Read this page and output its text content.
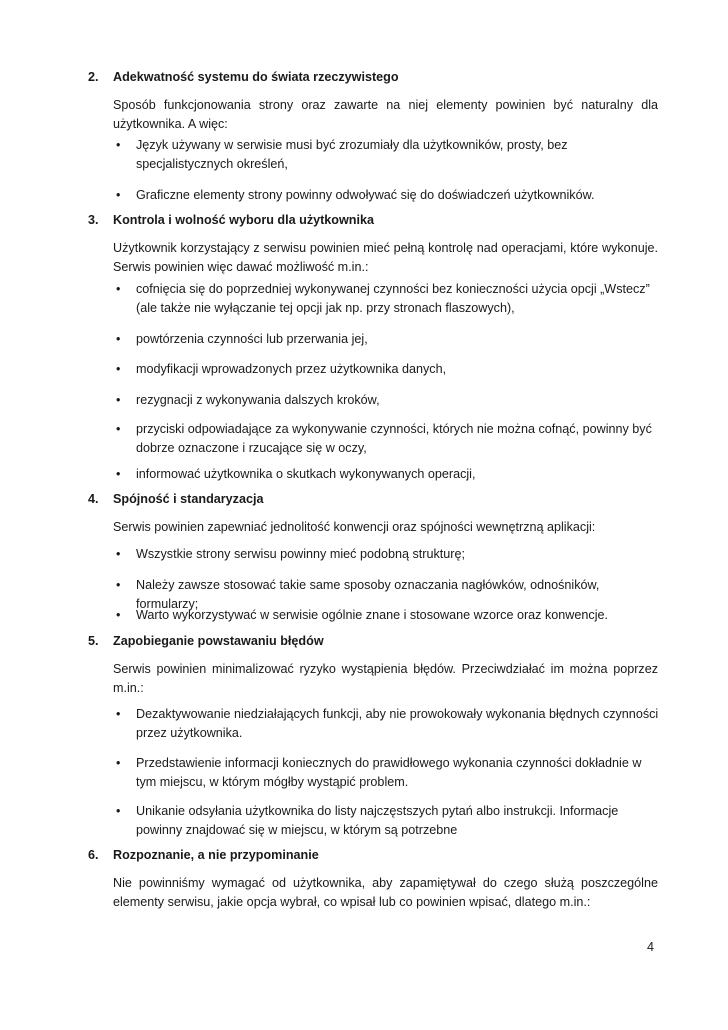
2. Adekwatność systemu do świata rzeczywistego

Sposób funkcjonowania strony oraz zawarte na niej elementy powinien być naturalny dla użytkownika. A więc:

• Język używany w serwisie musi być zrozumiały dla użytkowników, prosty, bez specjalistycznych określeń,
• Graficzne elementy strony powinny odwoływać się do doświadczeń użytkowników.
3. Kontrola i wolność wyboru dla użytkownika

Użytkownik korzystający z serwisu powinien mieć pełną kontrolę nad operacjami, które wykonuje. Serwis powinien więc dawać możliwość m.in.:

• cofnięcia się do poprzedniej wykonywanej czynności bez konieczności użycia opcji „Wstecz” (ale także nie wyłączanie tej opcji jak np. przy stronach flaszowych),
• powtórzenia czynności lub przerwania jej,
• modyfikacji wprowadzonych przez użytkownika danych,
• rezygnacji z wykonywania dalszych kroków,
• przyciski odpowiadające za wykonywanie czynności, których nie można cofnąć, powinny być dobrze oznaczone i rzucające się w oczy,
• informować użytkownika o skutkach wykonywanych operacji,
4. Spójność i standaryzacja

Serwis powinien zapewniać jednolitość konwencji oraz spójności wewnętrzną aplikacji:

• Wszystkie strony serwisu powinny mieć podobną strukturę;
• Należy zawsze stosować takie same sposoby oznaczania nagłówków, odnośników, formularzy;
• Warto wykorzystywać w serwisie ogólnie znane i stosowane wzorce oraz konwencje.
5. Zapobieganie powstawaniu błędów

Serwis powinien minimalizować ryzyko wystąpienia błędów. Przeciwdziałać im można poprzez m.in.:

• Dezaktywowanie niedziałających funkcji, aby nie prowokowały wykonania błędnych czynności przez użytkownika.
• Przedstawienie informacji koniecznych do prawidłowego wykonania czynności dokładnie w tym miejscu, w którym mógłby wystąpić problem.
• Unikanie odsyłania użytkownika do listy najczęstszych pytań albo instrukcji. Informacje powinny znajdować się w miejscu, w którym są potrzebne
6. Rozpoznanie, a nie przypominanie

Nie powinniśmy wymagać od użytkownika, aby zapamiętywał do czego służą poszczególne elementy serwisu, jakie opcja wybrał, co wpisał lub co powinien wpisać, dlatego m.in.:

4
